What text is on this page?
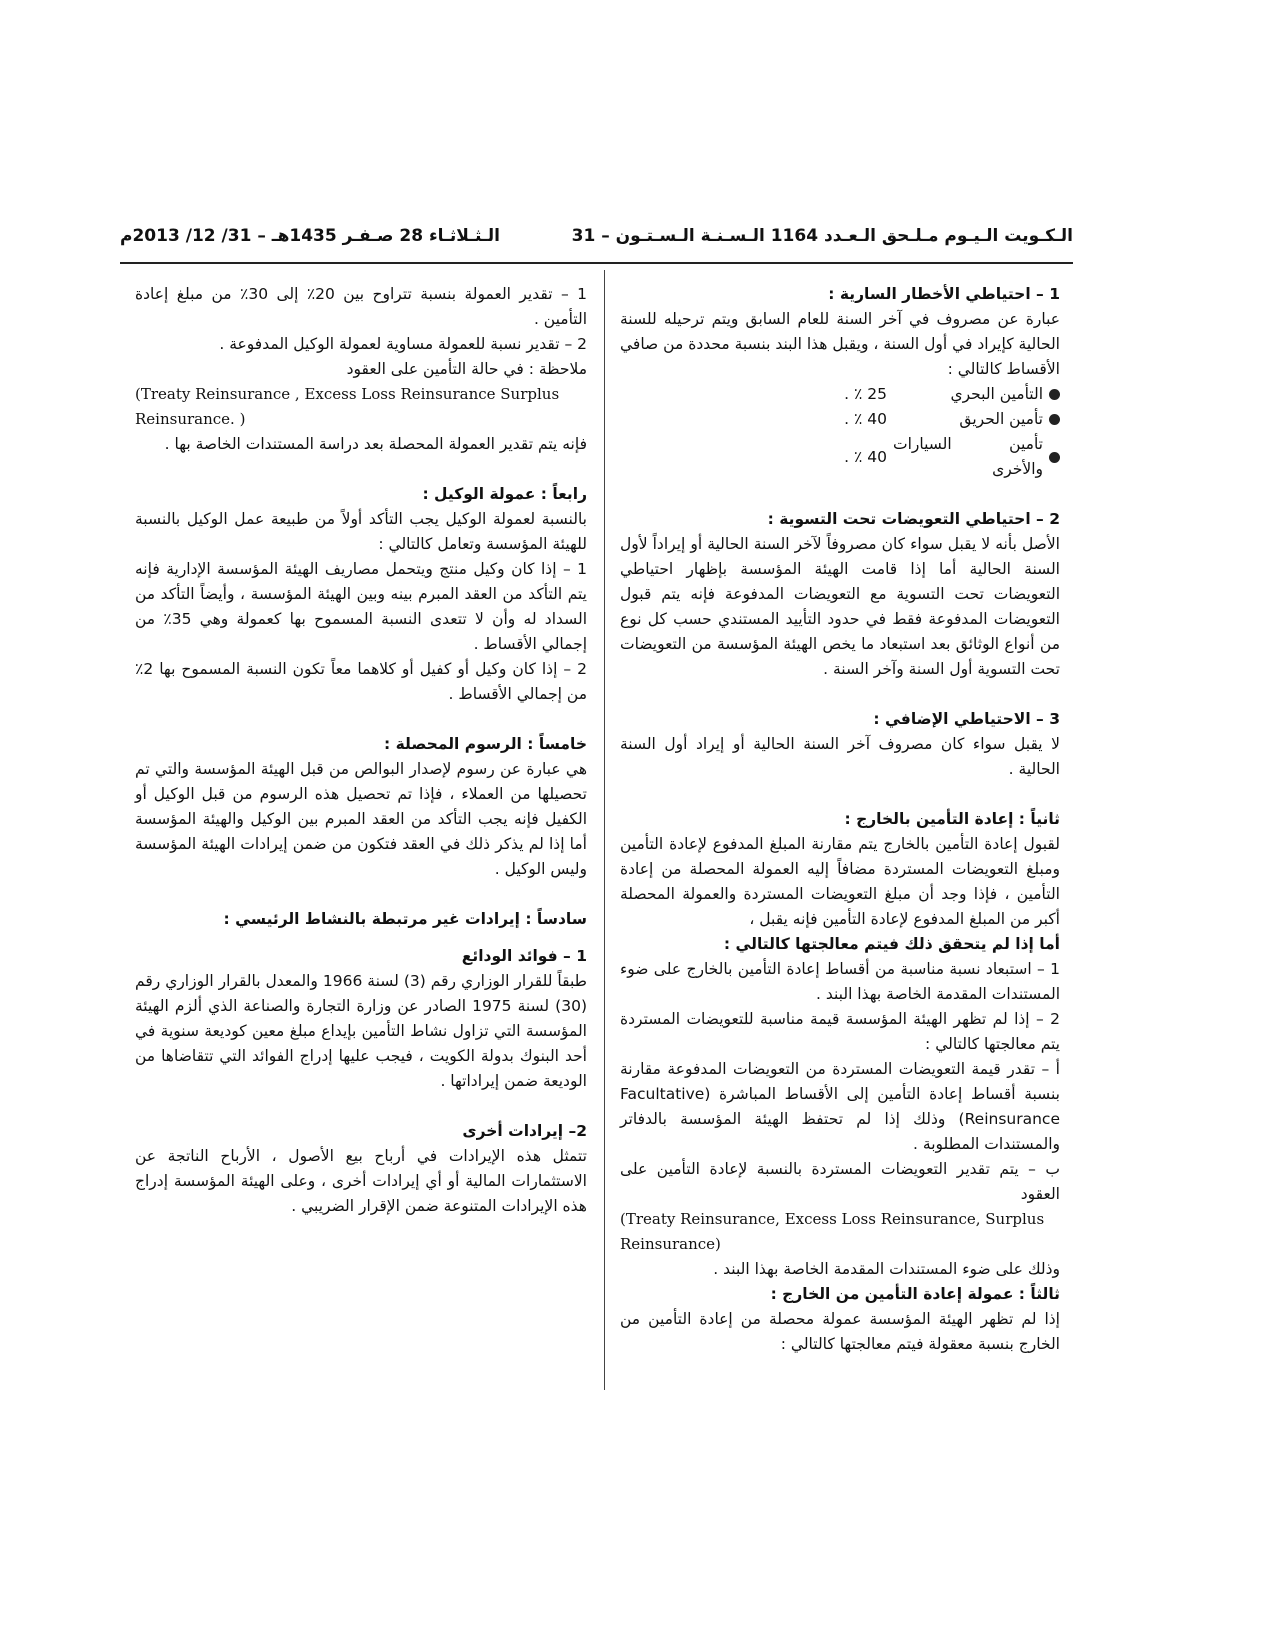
الـكـويت الـيـوم مـلـحق الـعـدد 1164 الـسـنـة الـسـتـون – 31
الـثـلاثـاء 28 صـفـر 1435هـ – 31/ 12/ 2013م

1 – احتياطي الأخطار السارية :

عبارة عن مصروف في آخر السنة للعام السابق ويتم ترحيله للسنة الحالية كإيراد في أول السنة ، ويقبل هذا البند بنسبة محددة من صافي الأقساط كالتالي :

التأمين البحري
25 ٪ .
تأمين الحريق
40 ٪ .
تأمين السيارات والأخرى
40 ٪ .

2 – احتياطي التعويضات تحت التسوية :

الأصل بأنه لا يقبل سواء كان مصروفاً لآخر السنة الحالية أو إيراداً لأول السنة الحالية أما إذا قامت الهيئة المؤسسة بإظهار احتياطي التعويضات تحت التسوية مع التعويضات المدفوعة فإنه يتم قبول التعويضات المدفوعة فقط في حدود التأييد المستندي حسب كل نوع من أنواع الوثائق بعد استبعاد ما يخص الهيئة المؤسسة من التعويضات تحت التسوية أول السنة وآخر السنة .

3 – الاحتياطي الإضافي :

لا يقبل سواء كان مصروف آخر السنة الحالية أو إيراد أول السنة الحالية .

ثانياً : إعادة التأمين بالخارج :

لقبول إعادة التأمين بالخارج يتم مقارنة المبلغ المدفوع لإعادة التأمين ومبلغ التعويضات المستردة مضافاً إليه العمولة المحصلة من إعادة التأمين ، فإذا وجد أن مبلغ التعويضات المستردة والعمولة المحصلة أكبر من المبلغ المدفوع لإعادة التأمين فإنه يقبل ،

أما إذا لم يتحقق ذلك فيتم معالجتها كالتالي :

1 – استبعاد نسبة مناسبة من أقساط إعادة التأمين بالخارج على ضوء المستندات المقدمة الخاصة بهذا البند .

2 – إذا لم تظهر الهيئة المؤسسة قيمة مناسبة للتعويضات المستردة يتم معالجتها كالتالي :

أ – تقدر قيمة التعويضات المستردة من التعويضات المدفوعة مقارنة بنسبة أقساط إعادة التأمين إلى الأقساط المباشرة (Facultative Reinsurance) وذلك إذا لم تحتفظ الهيئة المؤسسة بالدفاتر والمستندات المطلوبة .

ب – يتم تقدير التعويضات المستردة بالنسبة لإعادة التأمين على العقود

(Treaty Reinsurance, Excess Loss Reinsurance, Surplus Reinsurance)

وذلك على ضوء المستندات المقدمة الخاصة بهذا البند .

ثالثاً : عمولة إعادة التأمين من الخارج :

إذا لم تظهر الهيئة المؤسسة عمولة محصلة من إعادة التأمين من الخارج بنسبة معقولة فيتم معالجتها كالتالي :

1 – تقدير العمولة بنسبة تتراوح بين 20٪ إلى 30٪ من مبلغ إعادة التأمين .

2 – تقدير نسبة للعمولة مساوية لعمولة الوكيل المدفوعة .

ملاحظة : في حالة التأمين على العقود

(Treaty Reinsurance , Excess Loss Reinsurance Surplus Reinsurance. )

فإنه يتم تقدير العمولة المحصلة بعد دراسة المستندات الخاصة بها .

رابعاً : عمولة الوكيل :

بالنسبة لعمولة الوكيل يجب التأكد أولاً من طبيعة عمل الوكيل بالنسبة للهيئة المؤسسة وتعامل كالتالي :

1 – إذا كان وكيل منتج ويتحمل مصاريف الهيئة المؤسسة الإدارية فإنه يتم التأكد من العقد المبرم بينه وبين الهيئة المؤسسة ، وأيضاً التأكد من السداد له وأن لا تتعدى النسبة المسموح بها كعمولة وهي 35٪ من إجمالي الأقساط .

2 – إذا كان وكيل أو كفيل أو كلاهما معاً تكون النسبة المسموح بها 2٪ من إجمالي الأقساط .

خامساً : الرسوم المحصلة :

هي عبارة عن رسوم لإصدار البوالص من قبل الهيئة المؤسسة والتي تم تحصيلها من العملاء ، فإذا تم تحصيل هذه الرسوم من قبل الوكيل أو الكفيل فإنه يجب التأكد من العقد المبرم بين الوكيل والهيئة المؤسسة أما إذا لم يذكر ذلك في العقد فتكون من ضمن إيرادات الهيئة المؤسسة وليس الوكيل .

سادساً : إيرادات غير مرتبطة بالنشاط الرئيسي :

1 – فوائد الودائع

طبقاً للقرار الوزاري رقم (3) لسنة 1966 والمعدل بالقرار الوزاري رقم (30) لسنة 1975 الصادر عن وزارة التجارة والصناعة الذي ألزم الهيئة المؤسسة التي تزاول نشاط التأمين بإيداع مبلغ معين كوديعة سنوية في أحد البنوك بدولة الكويت ، فيجب عليها إدراج الفوائد التي تتقاضاها من الوديعة ضمن إيراداتها .

2– إيرادات أخرى

تتمثل هذه الإيرادات في أرباح بيع الأصول ، الأرباح الناتجة عن الاستثمارات المالية أو أي إيرادات أخرى ، وعلى الهيئة المؤسسة إدراج هذه الإيرادات المتنوعة ضمن الإقرار الضريبي .
